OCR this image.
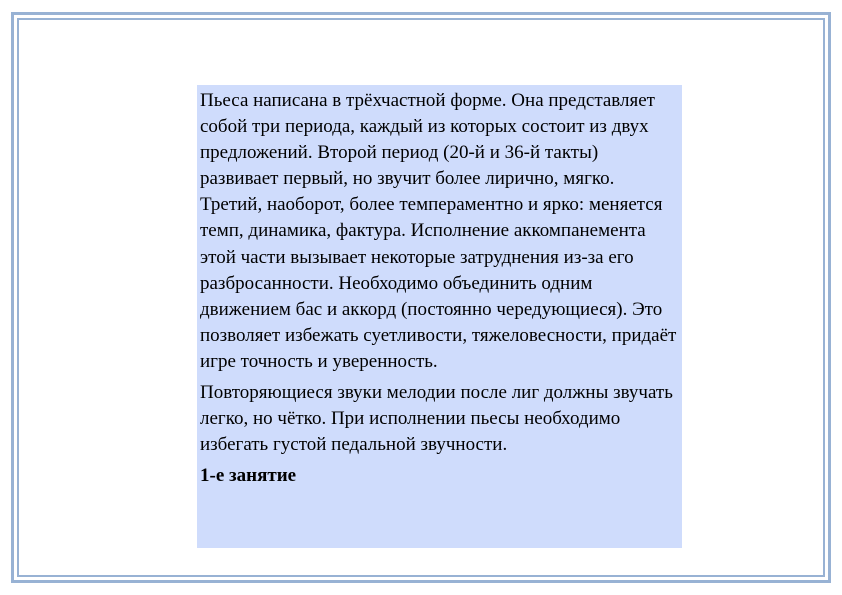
Пьеса написана в трёхчастной форме. Она представляет собой три периода, каждый из которых состоит из двух предложений. Второй период (20-й и 36-й такты) развивает первый, но звучит более лирично, мягко. Третий, наоборот, более темпераментно и ярко: меняется темп, динамика, фактура. Исполнение аккомпанемента этой части вызывает некоторые затруднения из-за его разбросанности. Необходимо объединить одним движением бас и аккорд (постоянно чередующиеся). Это позволяет избежать суетливости, тяжеловесности, придаёт игре точность и уверенность.

Повторяющиеся звуки мелодии после лиг должны звучать легко, но чётко. При исполнении пьесы необходимо избегать густой педальной звучности.

1-е занятие
